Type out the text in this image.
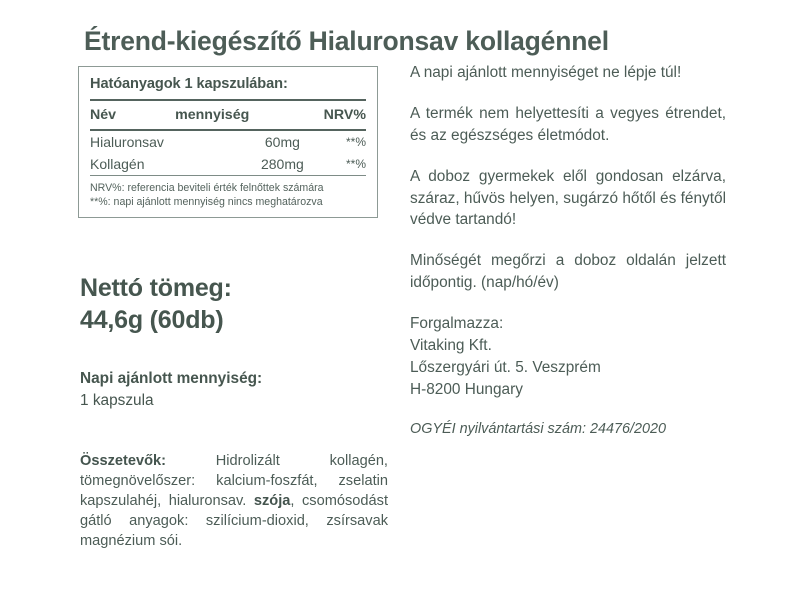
Étrend-kiegészítő Hialuronsav kollagénnel
Hatóanyagok 1 kapszulában:
Név	mennyiség	NRV%
Hialuronsav	60mg	**%
Kollagén	280mg	**%
NRV%: referencia beviteli érték felnőttek számára
**%: napi ajánlott mennyiség nincs meghatározva
Nettó tömeg:
44,6g (60db)
Napi ajánlott mennyiség:
1 kapszula
Összetevők: Hidrolizált kollagén, tömegnövelőszer: kalcium-foszfát, zselatin kapszulahéj, hialuronsav. szója, csomósodást gátló anyagok: szilícium-dioxid, zsírsavak magnézium sói.

A napi ajánlott mennyiséget ne lépje túl!

A termék nem helyettesíti a vegyes étrendet, és az egészséges életmódot.

A doboz gyermekek elől gondosan elzárva, száraz, hűvös helyen, sugárzó hőtől és fénytől védve tartandó!

Minőségét megőrzi a doboz oldalán jelzett időpontig. (nap/hó/év)

Forgalmazza:
Vitaking Kft.
Lőszergyári út. 5. Veszprém
H-8200 Hungary
OGYÉI nyilvántartási szám: 24476/2020
